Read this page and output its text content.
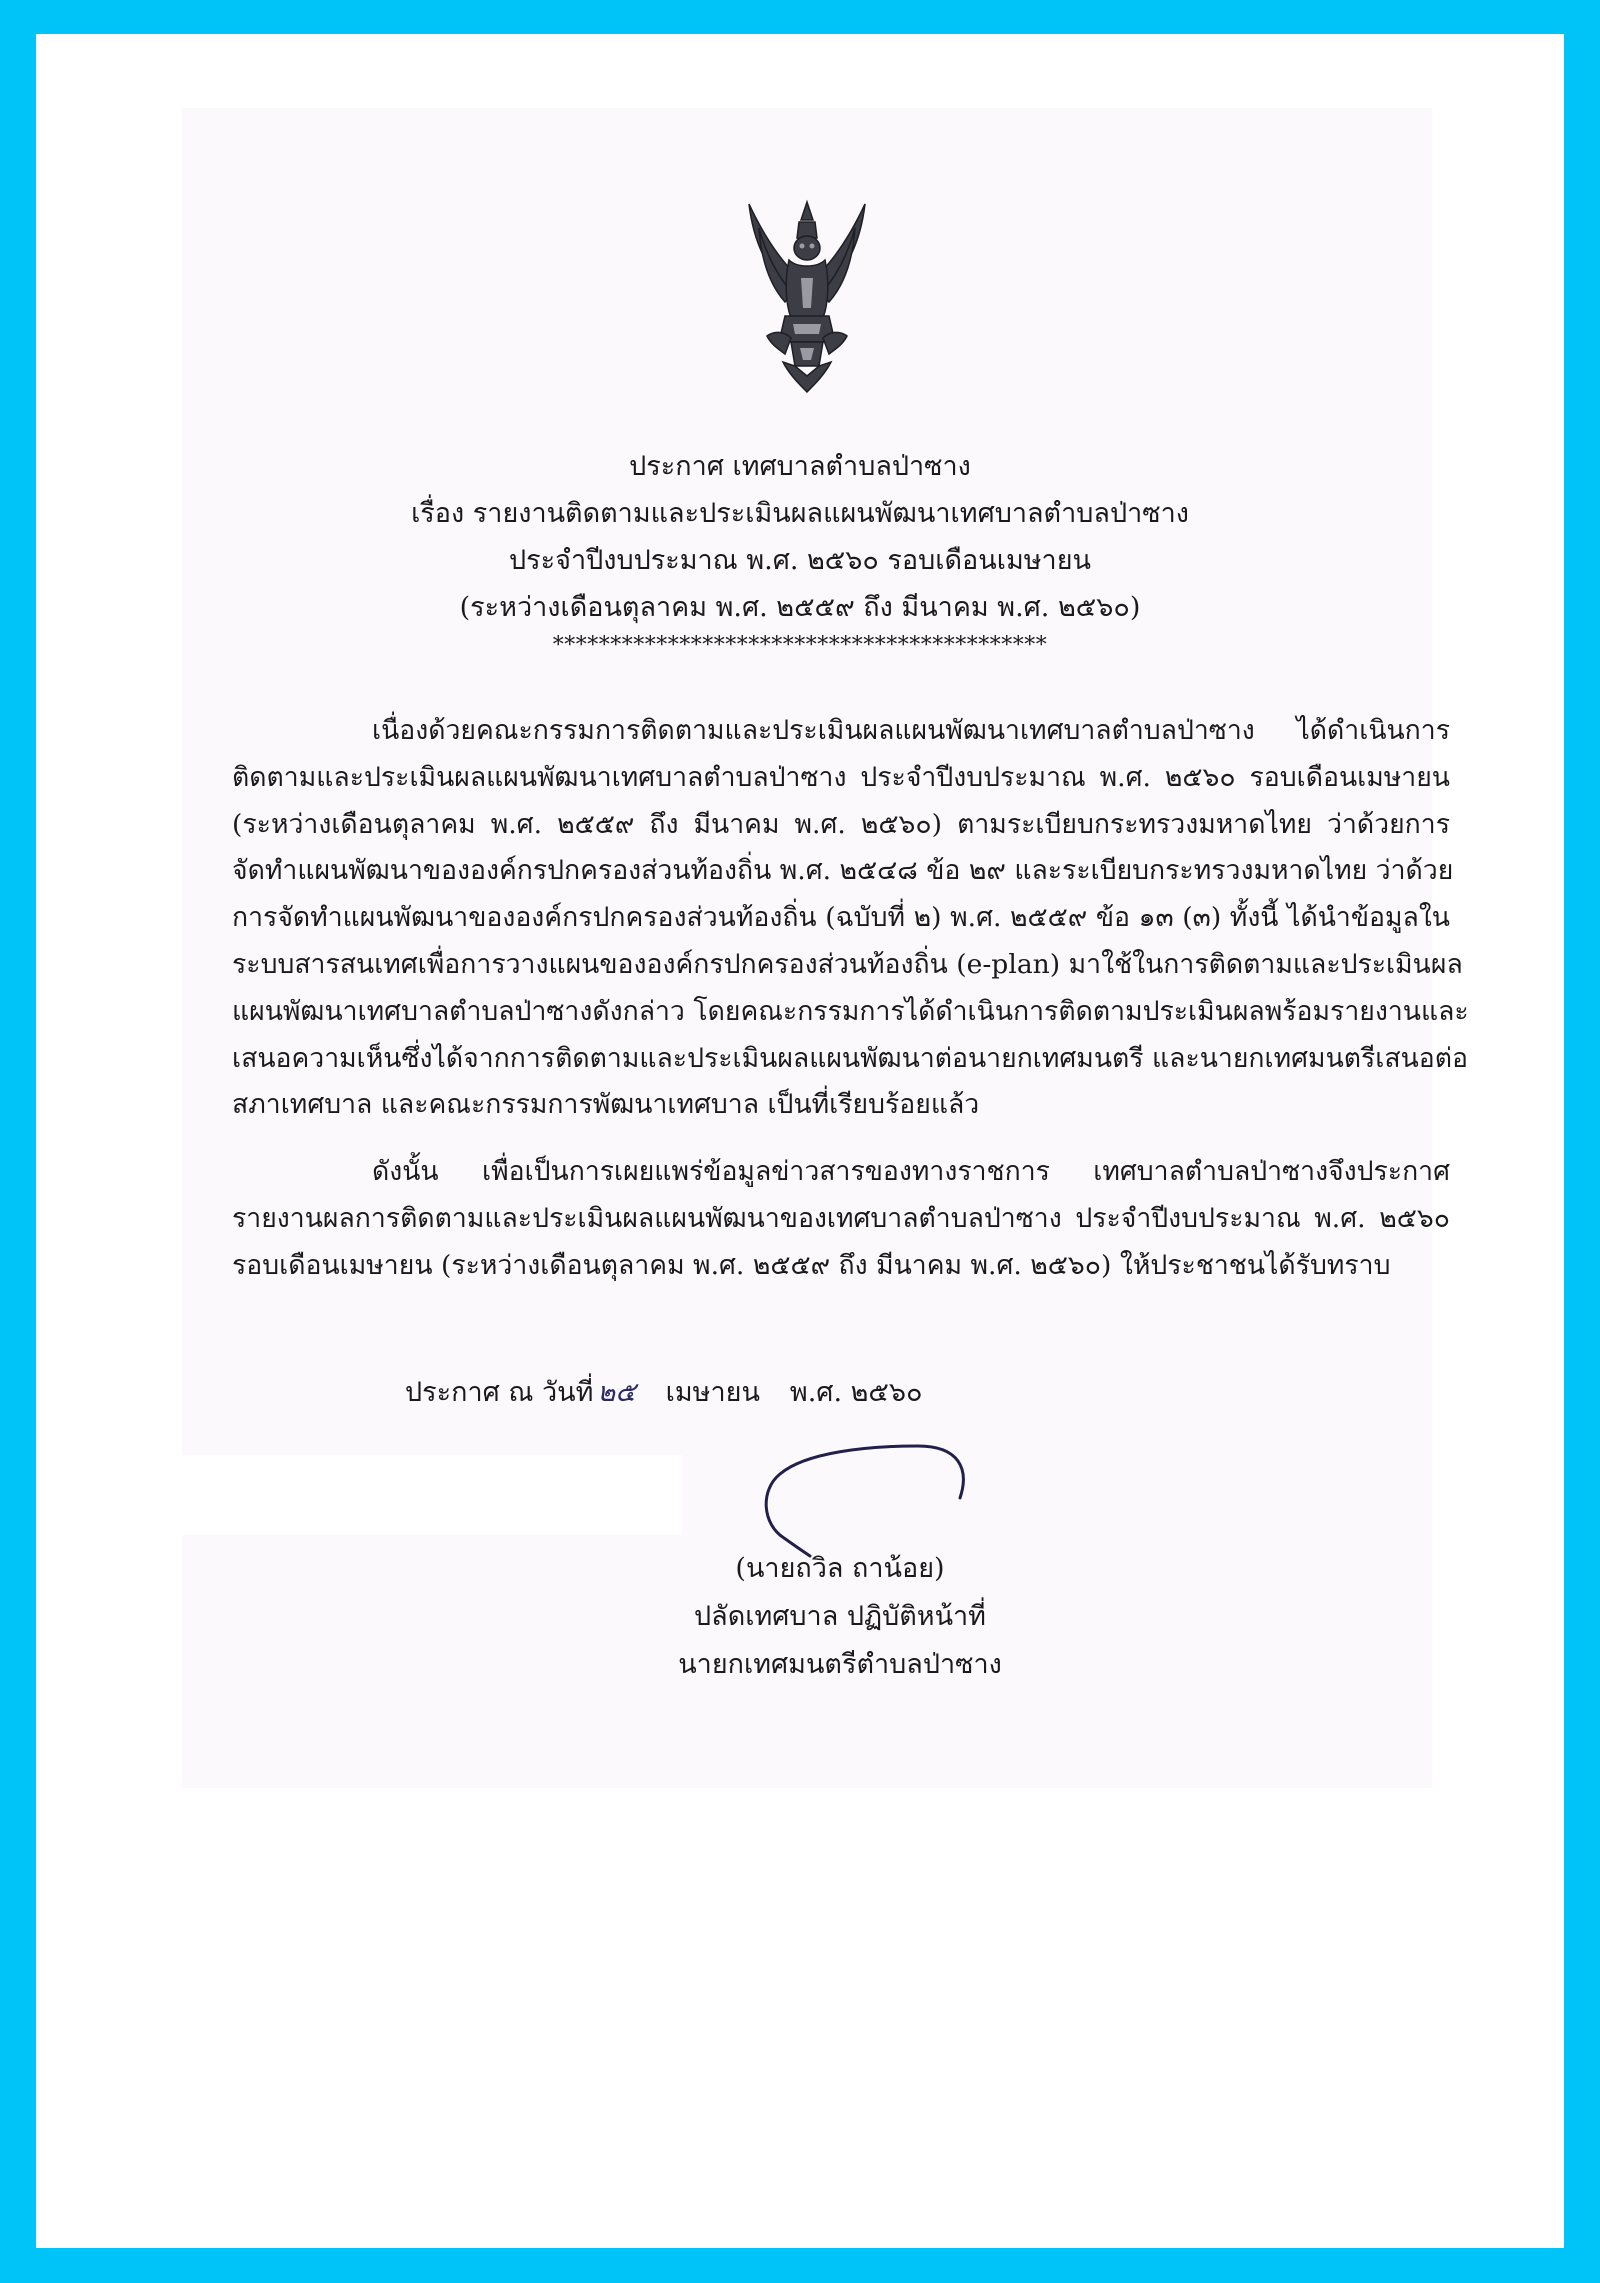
ประกาศ เทศบาลตำบลป่าซาง
เรื่อง รายงานติดตามและประเมินผลแผนพัฒนาเทศบาลตำบลป่าซาง
ประจำปีงบประมาณ พ.ศ. ๒๕๖๐ รอบเดือนเมษายน
(ระหว่างเดือนตุลาคม พ.ศ. ๒๕๕๙ ถึง มีนาคม พ.ศ. ๒๕๖๐)
*******************************************
เนื่องด้วยคณะกรรมการติดตามและประเมินผลแผนพัฒนาเทศบาลตำบลป่าซาง ได้ดำเนินการ
ติดตามและประเมินผลแผนพัฒนาเทศบาลตำบลป่าซาง ประจำปีงบประมาณ พ.ศ. ๒๕๖๐ รอบเดือนเมษายน
(ระหว่างเดือนตุลาคม พ.ศ. ๒๕๕๙ ถึง มีนาคม พ.ศ. ๒๕๖๐) ตามระเบียบกระทรวงมหาดไทย ว่าด้วยการ
จัดทำแผนพัฒนาขององค์กรปกครองส่วนท้องถิ่น พ.ศ. ๒๕๔๘ ข้อ ๒๙ และระเบียบกระทรวงมหาดไทย ว่าด้วย
การจัดทำแผนพัฒนาขององค์กรปกครองส่วนท้องถิ่น (ฉบับที่ ๒) พ.ศ. ๒๕๕๙ ข้อ ๑๓ (๓) ทั้งนี้ ได้นำข้อมูลใน
ระบบสารสนเทศเพื่อการวางแผนขององค์กรปกครองส่วนท้องถิ่น (e-plan) มาใช้ในการติดตามและประเมินผล
แผนพัฒนาเทศบาลตำบลป่าซางดังกล่าว โดยคณะกรรมการได้ดำเนินการติดตามประเมินผลพร้อมรายงานและ
เสนอความเห็นซึ่งได้จากการติดตามและประเมินผลแผนพัฒนาต่อนายกเทศมนตรี และนายกเทศมนตรีเสนอต่อ
สภาเทศบาล และคณะกรรมการพัฒนาเทศบาล เป็นที่เรียบร้อยแล้ว
ดังนั้น เพื่อเป็นการเผยแพร่ข้อมูลข่าวสารของทางราชการ เทศบาลตำบลป่าซางจึงประกาศ
รายงานผลการติดตามและประเมินผลแผนพัฒนาของเทศบาลตำบลป่าซาง ประจำปีงบประมาณ พ.ศ. ๒๕๖๐
รอบเดือนเมษายน (ระหว่างเดือนตุลาคม พ.ศ. ๒๕๕๙ ถึง มีนาคม พ.ศ. ๒๕๖๐) ให้ประชาชนได้รับทราบ
ประกาศ ณ วันที่ ๒๕ เมษายน พ.ศ. ๒๕๖๐
(นายถวิล ถาน้อย)
ปลัดเทศบาล ปฏิบัติหน้าที่
นายกเทศมนตรีตำบลป่าซาง
